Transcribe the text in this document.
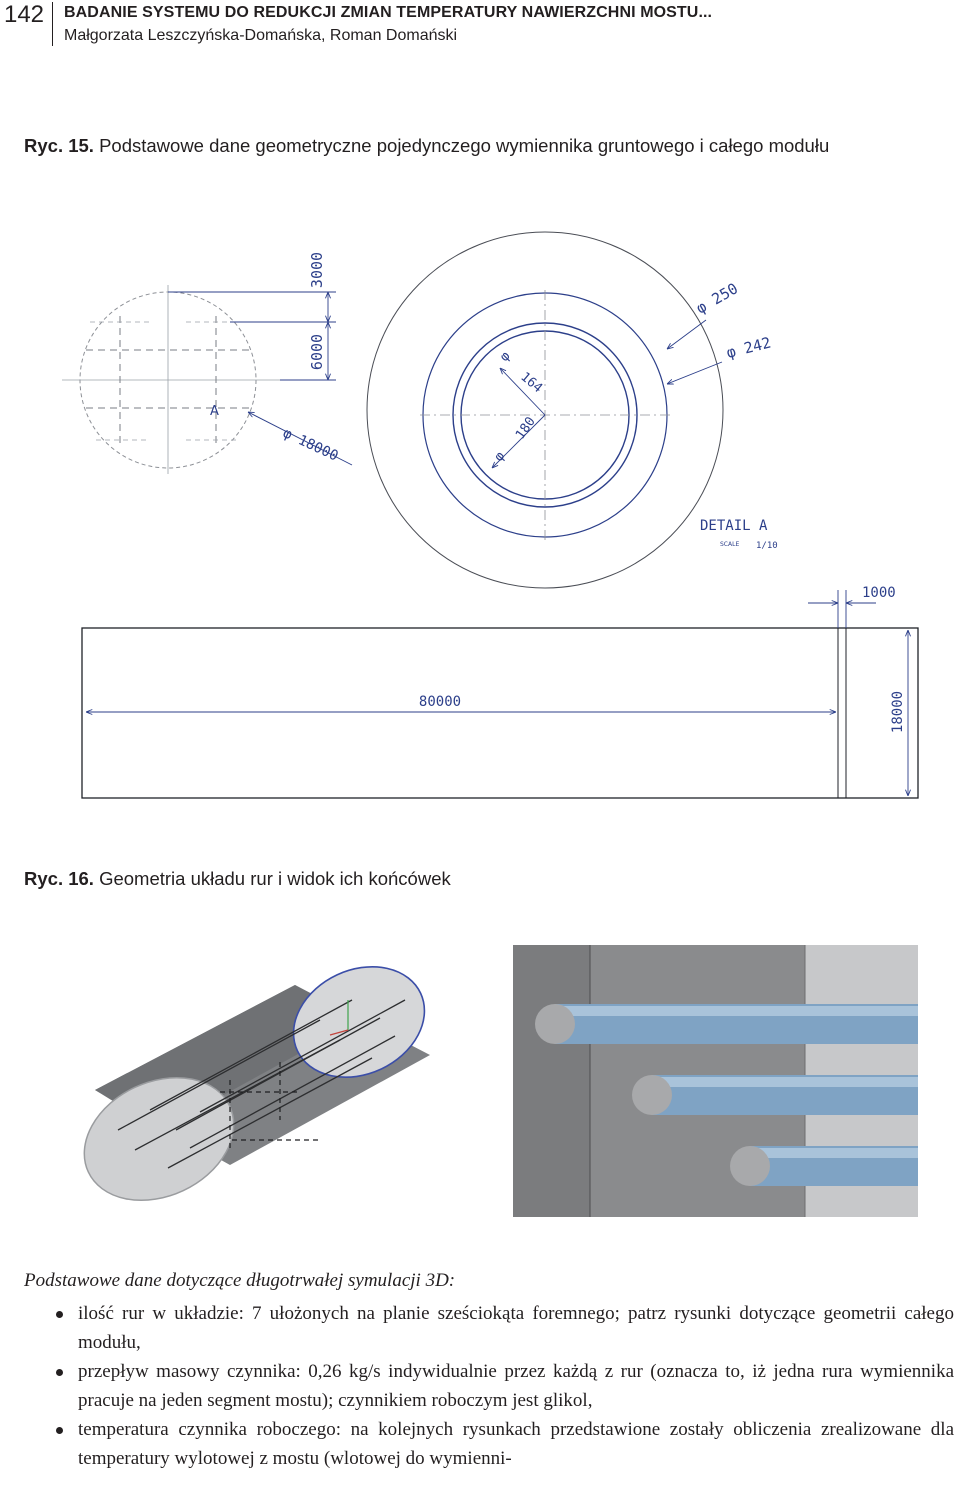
142 BADANIE SYSTEMU DO REDUKCJI ZMIAN TEMPERATURY NAWIERZCHNI MOSTU...
Małgorzata Leszczyńska-Domańska, Roman Domański
Ryc. 15. Podstawowe dane geometryczne pojedynczego wymiennika gruntowego i całego modułu
A
3000
6000
φ 18000
φ
164
180
φ
φ 250
φ 242
DETAIL A
SCALE 1/10
1000
80000	18000
Ryc. 16. Geometria układu rur i widok ich końcówek
Podstawowe dane dotyczące długotrwałej symulacji 3D:
ilość rur w układzie: 7 ułożonych na planie sześciokąta foremnego; patrz rysunki dotyczące geometrii całego modułu,
przepływ masowy czynnika: 0,26 kg/s indywidualnie przez każdą z rur (oznacza to, iż jedna rura wymiennika pracuje na jeden segment mostu); czynnikiem roboczym jest glikol,
temperatura czynnika roboczego: na kolejnych rysunkach przedstawione zostały obliczenia zrealizowane dla temperatury wylotowej z mostu (wlotowej do wymienni-
